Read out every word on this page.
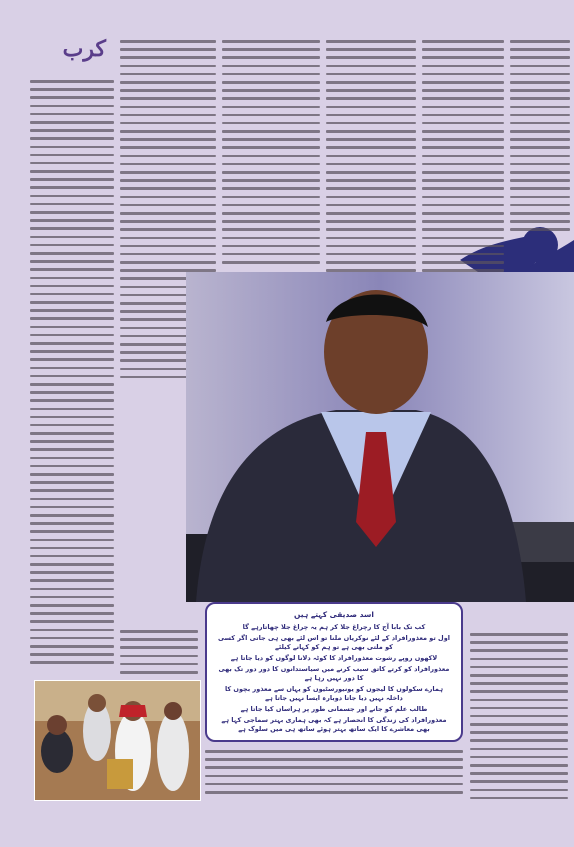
کرب
اسد صدیقی کہتے ہیں
کب تک بابا آج کا رچراغ جلا کر ہم یہ چراغ جلا چھاتارہے گا
اول تو معذورافراد کے لئے نوکریاں ملنا تو اس لئے بھی ہی جاتی اگر کسی کو ملتی بھی ہے تو ہم کو کہانے کیلئے
لاکھوں روپے رشوت معذورافراد کا کوٹہ دلانا لوگوں کو دیا جاتا ہے
معذورافراد کو کرتے کاتق سبب کرنے میں سیاستدانوں کا دور دور تک بھی کا دور نہیں رہا ہے
ہمارے سکولوں کا لیجوں کو یونیورسٹیوں کو یہاں سے معذور بچوں کا داخلہ نہیں دیا جاتا دوبارہ ایسا نہیں جاتا ہے
طالب علم کو جانے اور جسمانی طور پر ہراساں کیا جاتا ہے
معذورافراد کی زندگی کا انحصار ہے کہ بھی ہماری بہتر سماجی کہا ہے بھی معاشرے کا ایک ساتھ بہتر ہوئے ساتھ ہی میں سلوک ہے
